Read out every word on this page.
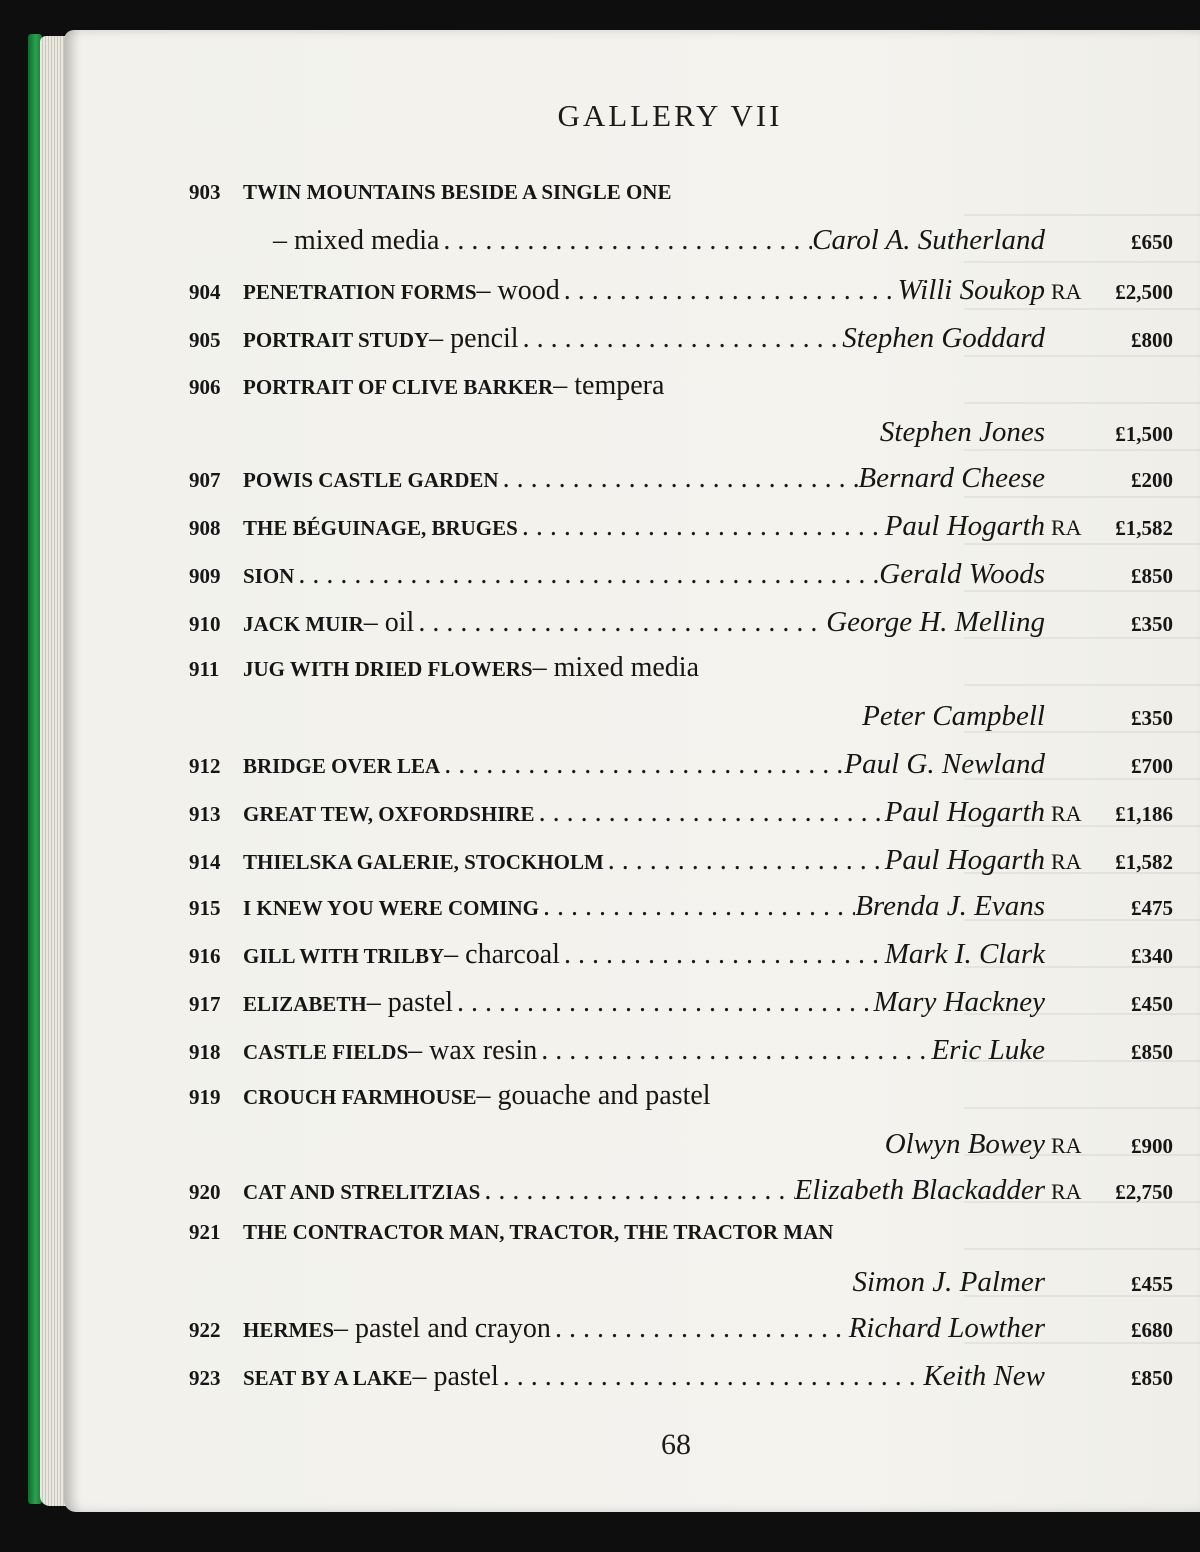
GALLERY VII
903	TWIN MOUNTAINS BESIDE A SINGLE ONE
– mixed media . . .	Carol A. Sutherland	£650
904	PENETRATION FORMS – wood . . .	Willi Soukop RA	£2,500
905	PORTRAIT STUDY – pencil . . .	Stephen Goddard	£800
906	PORTRAIT OF CLIVE BARKER – tempera
Stephen Jones	£1,500
907	POWIS CASTLE GARDEN . . .	Bernard Cheese	£200
908	THE BÉGUINAGE, BRUGES . . .	Paul Hogarth RA	£1,582
909	SION . . .	Gerald Woods	£850
910	JACK MUIR – oil . . .	George H. Melling	£350
911	JUG WITH DRIED FLOWERS – mixed media
Peter Campbell	£350
912	BRIDGE OVER LEA . . .	Paul G. Newland	£700
913	GREAT TEW, OXFORDSHIRE . . .	Paul Hogarth RA	£1,186
914	THIELSKA GALERIE, STOCKHOLM . . .	Paul Hogarth RA	£1,582
915	I KNEW YOU WERE COMING . . .	Brenda J. Evans	£475
916	GILL WITH TRILBY – charcoal . . .	Mark I. Clark	£340
917	ELIZABETH – pastel . . .	Mary Hackney	£450
918	CASTLE FIELDS – wax resin . . .	Eric Luke	£850
919	CROUCH FARMHOUSE – gouache and pastel
Olwyn Bowey RA	£900
920	CAT AND STRELITZIAS . . .	Elizabeth Blackadder RA	£2,750
921	THE CONTRACTOR MAN, TRACTOR, THE TRACTOR MAN
Simon J. Palmer	£455
922	HERMES – pastel and crayon . . .	Richard Lowther	£680
923	SEAT BY A LAKE – pastel . . .	Keith New	£850
68
